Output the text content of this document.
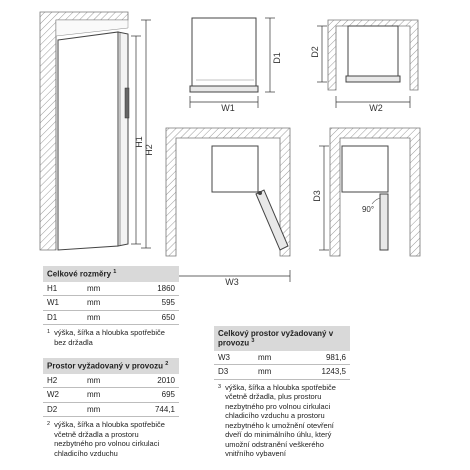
H1
H2
D1
W1
D2
W2
W3
90°
D3
Celkové rozměry $^1$
H1	mm	1860
W1	mm	595
D1	mm	650
1 výška, šířka a hloubka spotřebiče bez držadla
Prostor vyžadovaný v provozu $^2$
H2	mm	2010
W2	mm	695
D2	mm	744,1
2 výška, šířka a hloubka spotřebiče včetně držadla a prostoru nezbytného pro volnou cirkulaci chladicího vzduchu
Celkový prostor vyžadovaný v provozu $^3$
W3	mm	981,6
D3	mm	1243,5
3 výška, šířka a hloubka spotřebiče včetně držadla, plus prostoru nezbytného pro volnou cirkulaci chladicího vzduchu a prostoru nezbytného k umožnění otevření dveří do minimálního úhlu, který umožní odstranění veškerého vnitřního vybavení
